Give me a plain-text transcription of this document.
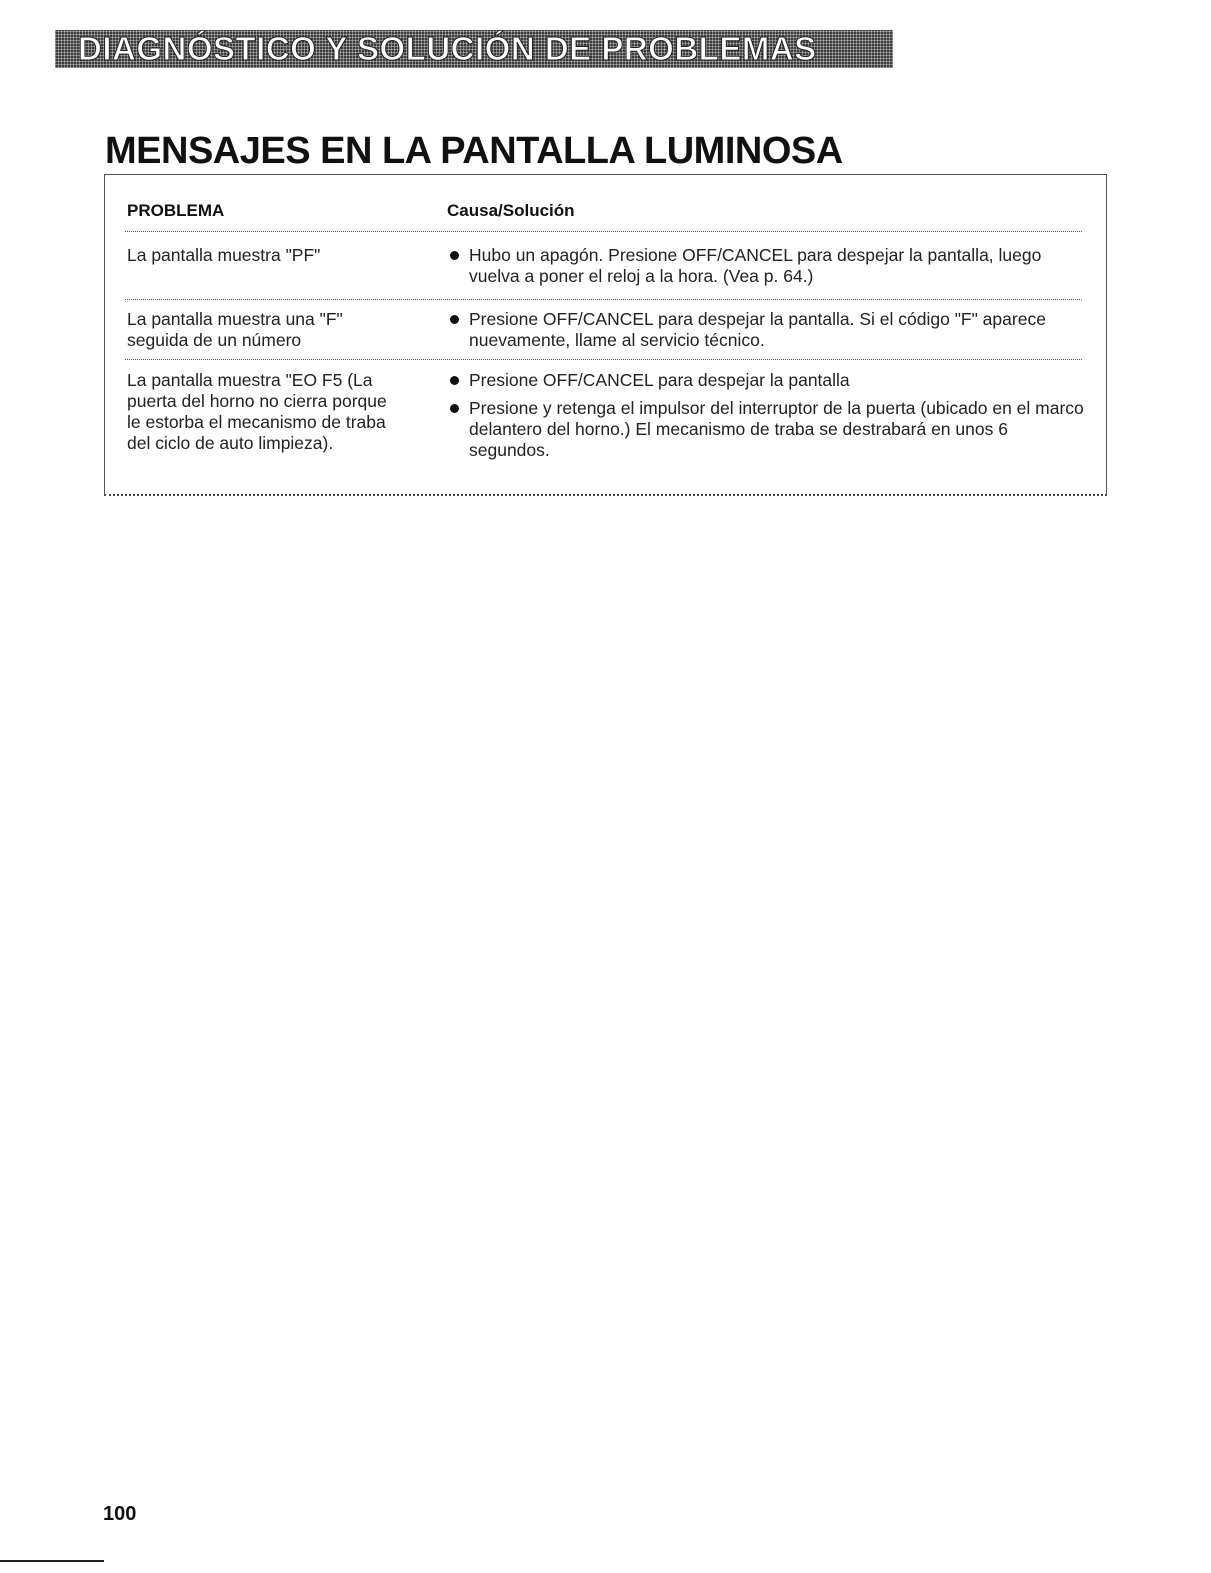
DIAGNÓSTICO Y SOLUCIÓN DE PROBLEMAS
MENSAJES EN LA PANTALLA LUMINOSA
PROBLEMA	Causa/Solución
La pantalla muestra "PF"	Hubo un apagón. Presione OFF/CANCEL para despejar la pantalla, luego vuelva a poner el reloj a la hora. (Vea p. 64.)
La pantalla muestra una "F" seguida de un número
Presione OFF/CANCEL para despejar la pantalla. Si el código "F" aparece nuevamente, llame al servicio técnico.
La pantalla muestra "EO F5 (La puerta del horno no cierra porque le estorba el mecanismo de traba del ciclo de auto limpieza).
Presione OFF/CANCEL para despejar la pantalla
Presione y retenga el impulsor del interruptor de la puerta (ubicado en el marco delantero del horno.) El mecanismo de traba se destrabará en unos 6 segundos.
100
